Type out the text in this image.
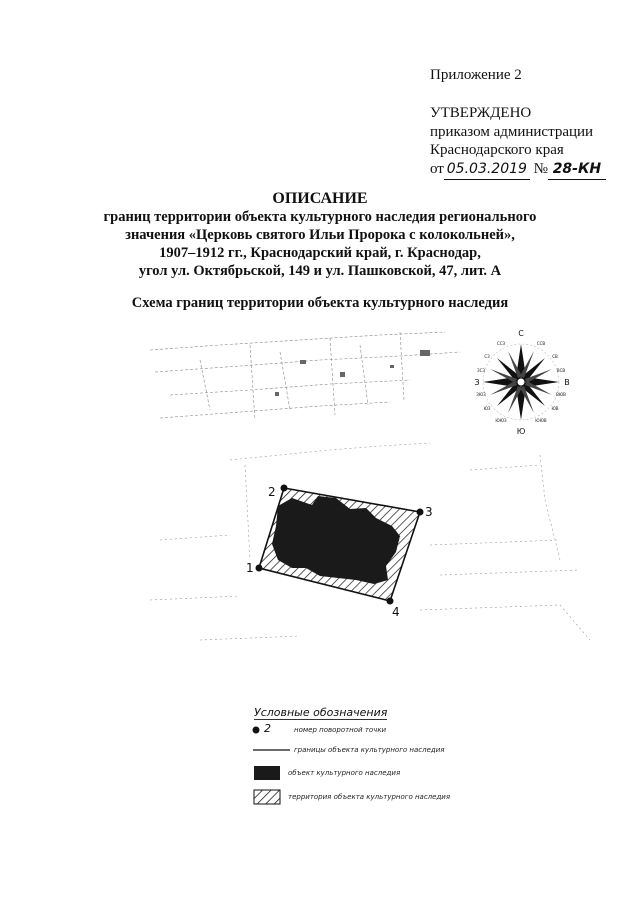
Приложение 2
УТВЕРЖДЕНО
приказом администрации
Краснодарского края
от 05.03.2019 № 28-КН
ОПИСАНИЕ
границ территории объекта культурного наследия регионального
значения «Церковь святого Ильи Пророка с колокольней»,
1907–1912 гг., Краснодарский край, г. Краснодар,
угол ул. Октябрьской, 149 и ул. Пашковской, 47, лит. А
Схема границ территории объекта культурного наследия
1
2
3
4
С
Ю
З	В
ССВ
СВ
ВСВ
ВЮВ
ЮВ
ЮЮВ
ЮЮЗ
ЮЗ
ЗЮЗ
ЗСЗ
СЗ
ССЗ
Условные обозначения
2	номер поворотной точки
границы объекта культурного наследия
объект культурного наследия
территория объекта культурного наследия
